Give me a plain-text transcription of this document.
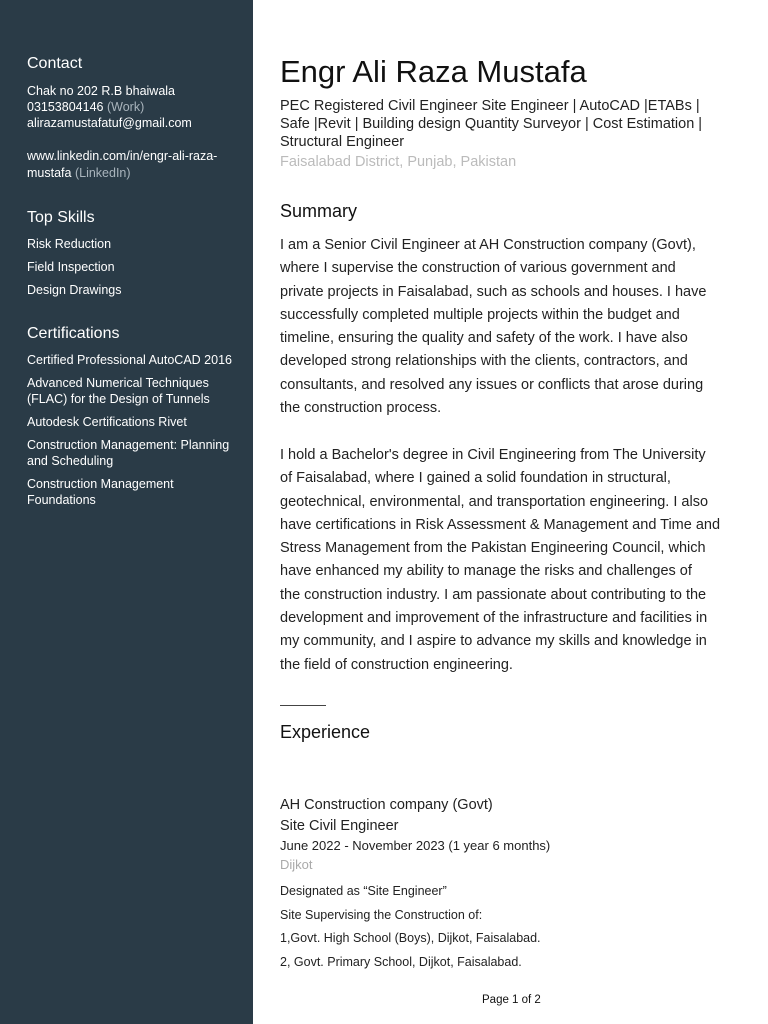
Contact
Chak no 202 R.B bhaiwala
03153804146 (Work)
alirazamustafatuf@gmail.com
www.linkedin.com/in/engr-ali-raza-
mustafa (LinkedIn)
Top Skills
Risk Reduction
Field Inspection
Design Drawings
Certifications
Certified Professional AutoCAD 2016
Advanced Numerical Techniques
(FLAC) for the Design of Tunnels
Autodesk Certifications Rivet
Construction Management: Planning
and Scheduling
Construction Management
Foundations
Engr Ali Raza Mustafa
PEC Registered Civil Engineer Site Engineer | AutoCAD |ETABs |
Safe |Revit | Building design Quantity Surveyor | Cost Estimation |
Structural Engineer
Faisalabad District, Punjab, Pakistan
Summary
I am a Senior Civil Engineer at AH Construction company (Govt),
where I supervise the construction of various government and
private projects in Faisalabad, such as schools and houses. I have
successfully completed multiple projects within the budget and
timeline, ensuring the quality and safety of the work. I have also
developed strong relationships with the clients, contractors, and
consultants, and resolved any issues or conflicts that arose during
the construction process.
I hold a Bachelor's degree in Civil Engineering from The University
of Faisalabad, where I gained a solid foundation in structural,
geotechnical, environmental, and transportation engineering. I also
have certifications in Risk Assessment & Management and Time and
Stress Management from the Pakistan Engineering Council, which
have enhanced my ability to manage the risks and challenges of
the construction industry. I am passionate about contributing to the
development and improvement of the infrastructure and facilities in
my community, and I aspire to advance my skills and knowledge in
the field of construction engineering.
Experience
AH Construction company (Govt)
Site Civil Engineer
June 2022 - November 2023 (1 year 6 months)
Dijkot
Designated as “Site Engineer”
Site Supervising the Construction of:
1,Govt. High School (Boys), Dijkot, Faisalabad.
2, Govt. Primary School, Dijkot, Faisalabad.
Page 1 of 2
